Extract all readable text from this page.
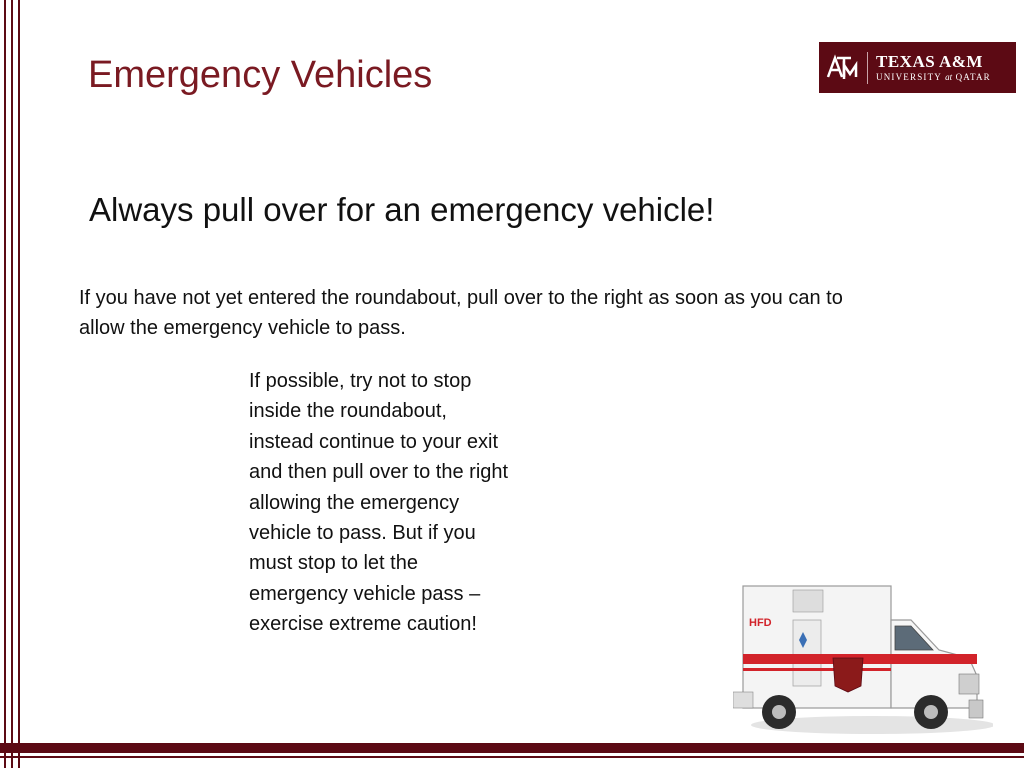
TEXAS A&M
UNIVERSITY at QATAR
Emergency Vehicles
Always pull over for an emergency vehicle!

If you have not yet entered the roundabout, pull over to the right as soon as you can to allow the emergency vehicle to pass.

If possible, try not to stop inside the roundabout, instead continue to your exit and then pull over to the right allowing the emergency vehicle to pass. But if you must stop to let the emergency vehicle pass – exercise extreme caution!	HFD
